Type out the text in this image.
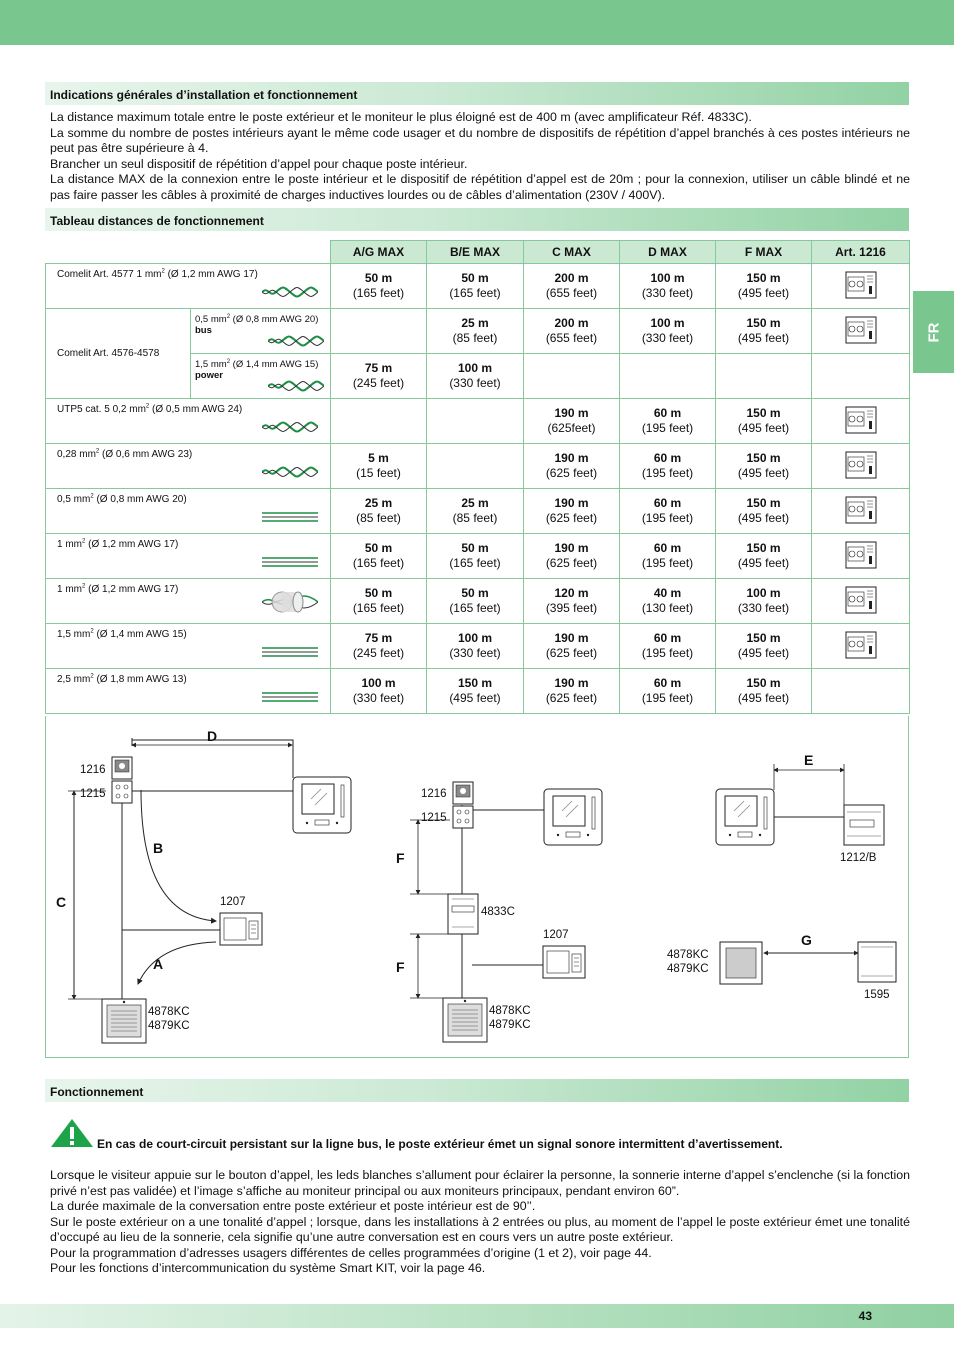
FR
Indications générales d’installation et fonctionnement

La distance maximum totale entre le poste extérieur et le moniteur le plus éloigné est de 400 m (avec amplificateur Réf. 4833C).

La somme du nombre de postes intérieurs ayant le même code usager et du nombre de dispositifs de répétition d’appel branchés à ces postes intérieurs ne peut pas être supérieure à 4.

Brancher un seul dispositif de répétition d’appel pour chaque poste intérieur.

La distance MAX de la connexion entre le poste intérieur et le dispositif de répétition d’appel est de 20m ; pour la connexion, utiliser un câble blindé et ne pas faire passer les câbles à proximité de charges inductives lourdes ou de câbles d’alimentation (230V / 400V).

Tableau distances de fonctionnement
		A/G MAX	B/E MAX	C MAX	D MAX	F MAX	Art. 1216
Comelit Art. 4577 1 $mm^2$ (Ø 1,2 mm AWG 17)		50 m
(165 feet)	50 m
(165 feet)	200 m
(655 feet)	100 m
(330 feet)	150 m
(495 feet)

Comelit Art. 4576-4578	0,5 $mm^2$ (Ø 0,8 mm AWG 20)
bus		25 m
(85 feet)	200 m
(655 feet)	100 m
(330 feet)	150 m
(495 feet)

	1,5 $mm^2$ (Ø 1,4 mm AWG 15)
power	75 m
(245 feet)	100 m
(330 feet)				

UTP5 cat. 5 0,2 $mm^2$ (Ø 0,5 mm AWG 24)				190 m
(625feet)	60 m
(195 feet)	150 m
(495 feet)

0,28 $mm^2$ (Ø 0,6 mm AWG 23)		5 m
(15 feet)		190 m
(625 feet)	60 m
(195 feet)	150 m
(495 feet)

0,5 $mm^2$ (Ø 0,8 mm AWG 20)		25 m
(85 feet)	25 m
(85 feet)	190 m
(625 feet)	60 m
(195 feet)	150 m
(495 feet)

1 $mm^2$ (Ø 1,2 mm AWG 17)		50 m
(165 feet)	50 m
(165 feet)	190 m
(625 feet)	60 m
(195 feet)	150 m
(495 feet)

1 $mm^2$ (Ø 1,2 mm AWG 17)		50 m
(165 feet)	50 m
(165 feet)	120 m
(395 feet)	40 m
(130 feet)	100 m
(330 feet)

1,5 $mm^2$ (Ø 1,4 mm AWG 15)		75 m
(245 feet)	100 m
(330 feet)	190 m
(625 feet)	60 m
(195 feet)	150 m
(495 feet)

2,5 $mm^2$ (Ø 1,8 mm AWG 13)		100 m
(330 feet)	150 m
(495 feet)	190 m
(625 feet)	60 m
(195 feet)	150 m
(495 feet)	

D
B
C
A
F
F
E
G
1216
1215
1207
4878KC
4879KC
1216
1215
4833C
1207
4878KC
4879KC
1212/B
4878KC
4879KC
1595
Fonctionnement
En cas de court-circuit persistant sur la ligne bus, le poste extérieur émet un signal sonore intermittent d’avertissement.

Lorsque le visiteur appuie sur le bouton d’appel, les leds blanches s’allument pour éclairer la personne, la sonnerie interne d’appel s’enclenche (si la fonction privé n’est pas validée) et l’image s’affiche au moniteur principal ou aux moniteurs principaux, pendant environ 60”.

La durée maximale de la conversation entre poste extérieur et poste intérieur est de 90’’.

Sur le poste extérieur on a une tonalité d’appel ; lorsque, dans les installations à 2 entrées ou plus, au moment de l’appel le poste extérieur émet une tonalité d’occupé au lieu de la sonnerie, cela signifie qu’une autre conversation est en cours vers un autre poste extérieur.

Pour la programmation d’adresses usagers différentes de celles programmées d’origine (1 et 2), voir page 44.

Pour les fonctions d’intercommunication du système Smart KIT, voir la page 46.

43
